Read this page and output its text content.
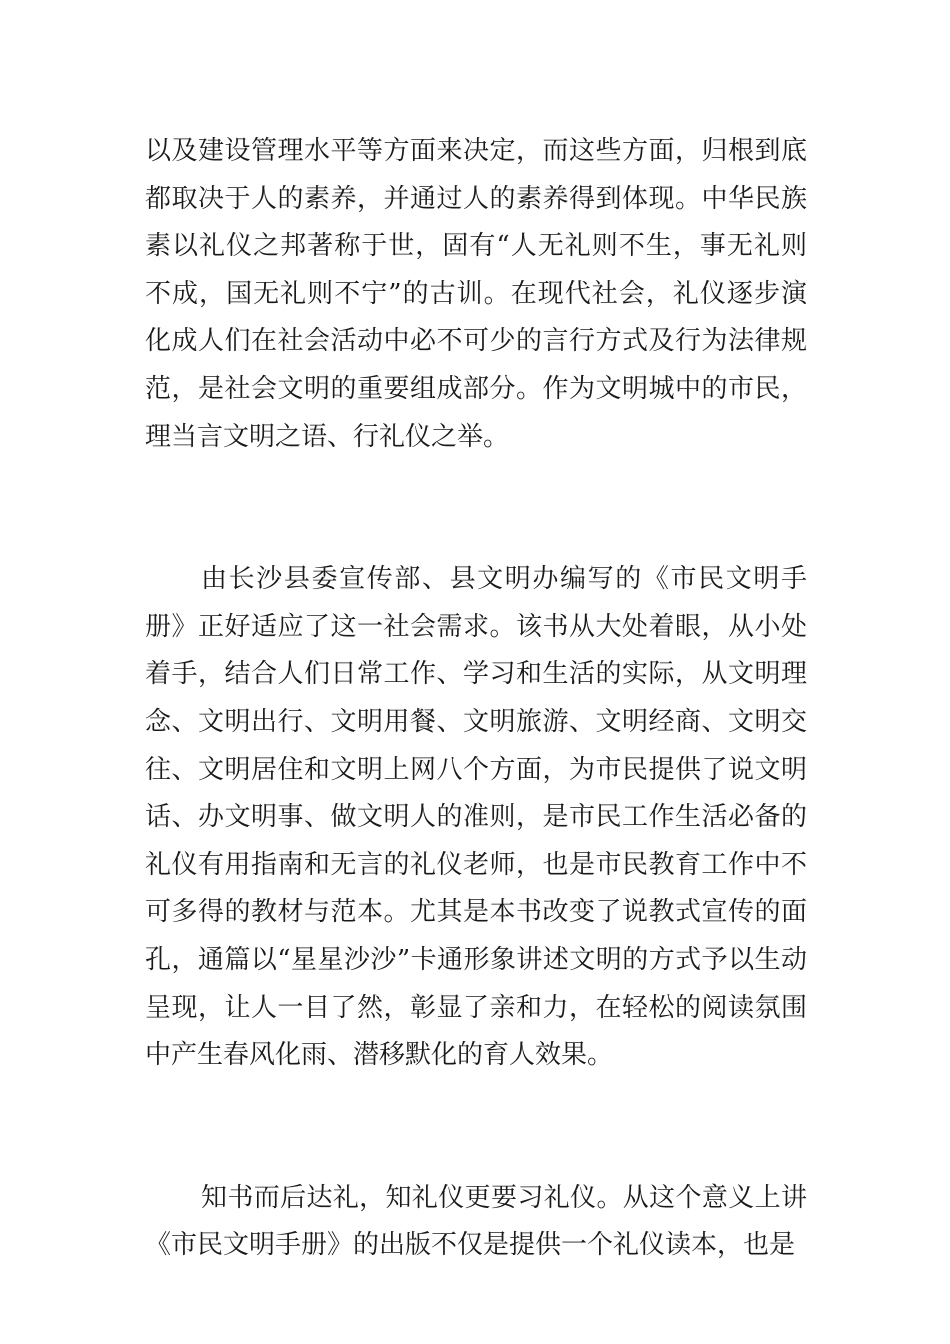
以及建设管理水平等方面来决定，而这些方面，归根到底都取决于人的素养，并通过人的素养得到体现。中华民族素以礼仪之邦著称于世，固有“人无礼则不生，事无礼则不成，国无礼则不宁”的古训。在现代社会，礼仪逐步演化成人们在社会活动中必不可少的言行方式及行为法律规范，是社会文明的重要组成部分。作为文明城中的市民，理当言文明之语、行礼仪之举。

由长沙县委宣传部、县文明办编写的《市民文明手册》正好适应了这一社会需求。该书从大处着眼，从小处着手，结合人们日常工作、学习和生活的实际，从文明理念、文明出行、文明用餐、文明旅游、文明经商、文明交往、文明居住和文明上网八个方面，为市民提供了说文明话、办文明事、做文明人的准则，是市民工作生活必备的礼仪有用指南和无言的礼仪老师，也是市民教育工作中不可多得的教材与范本。尤其是本书改变了说教式宣传的面孔，通篇以“星星沙沙”卡通形象讲述文明的方式予以生动呈现，让人一目了然，彰显了亲和力，在轻松的阅读氛围中产生春风化雨、潜移默化的育人效果。

知书而后达礼，知礼仪更要习礼仪。从这个意义上讲《市民文明手册》的出版不仅是提供一个礼仪读本，也是
